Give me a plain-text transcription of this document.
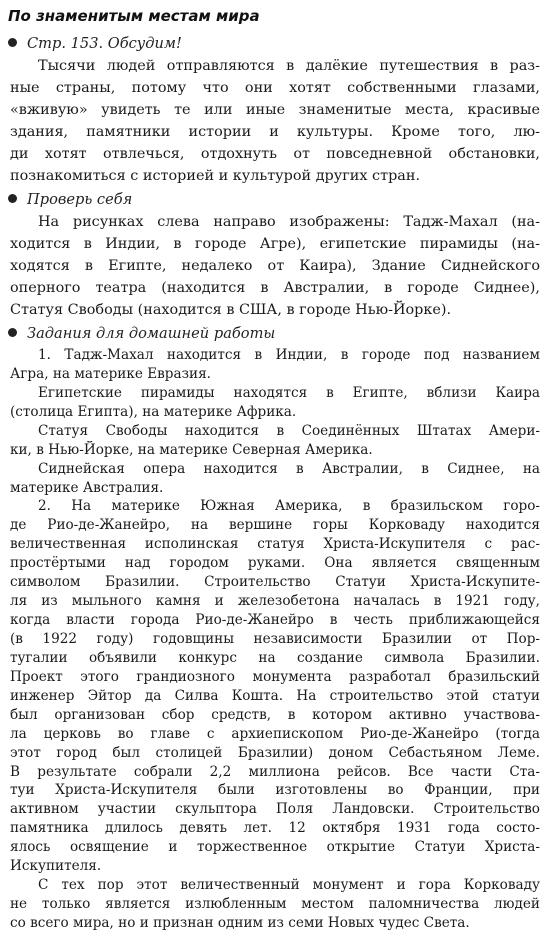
По знаменитым местам мира
Стр. 153. Обсудим!
Тысячи людей отправляются в далёкие путешествия в раз-
ные страны, потому что они хотят собственными глазами,
«вживую» увидеть те или иные знаменитые места, красивые
здания, памятники истории и культуры. Кроме того, лю-
ди хотят отвлечься, отдохнуть от повседневной обстановки,
познакомиться с историей и культурой других стран.
Проверь себя
На рисунках слева направо изображены: Тадж-Махал (на-
ходится в Индии, в городе Агре), египетские пирамиды (на-
ходятся в Египте, недалеко от Каира), Здание Сиднейского
оперного театра (находится в Австралии, в городе Сиднее),
Статуя Свободы (находится в США, в городе Нью-Йорке).
Задания для домашней работы
1. Тадж-Махал находится в Индии, в городе под названием
Агра, на материке Евразия.
Египетские пирамиды находятся в Египте, вблизи Каира
(столица Египта), на материке Африка.
Статуя Свободы находится в Соединённых Штатах Амери-
ки, в Нью-Йорке, на материке Северная Америка.
Сиднейская опера находится в Австралии, в Сиднее, на
материке Австралия.
2. На материке Южная Америка, в бразильском горо-
де Рио-де-Жанейро, на вершине горы Корковаду находится
величественная исполинская статуя Христа-Искупителя с рас-
простёртыми над городом руками. Она является священным
символом Бразилии. Строительство Статуи Христа-Искупите-
ля из мыльного камня и железобетона началась в 1921 году,
когда власти города Рио-де-Жанейро в честь приближающейся
(в 1922 году) годовщины независимости Бразилии от Пор-
тугалии объявили конкурс на создание символа Бразилии.
Проект этого грандиозного монумента разработал бразильский
инженер Эйтор да Силва Кошта. На строительство этой статуи
был организован сбор средств, в котором активно участвова-
ла церковь во главе с архиепископом Рио-де-Жанейро (тогда
этот город был столицей Бразилии) доном Себастьяном Леме.
В результате собрали 2,2 миллиона рейсов. Все части Ста-
туи Христа-Искупителя были изготовлены во Франции, при
активном участии скульптора Поля Ландовски. Строительство
памятника длилось девять лет. 12 октября 1931 года состо-
ялось освящение и торжественное открытие Статуи Христа-
Искупителя.
С тех пор этот величественный монумент и гора Корковаду
не только является излюбленным местом паломничества людей
со всего мира, но и признан одним из семи Новых чудес Света.
